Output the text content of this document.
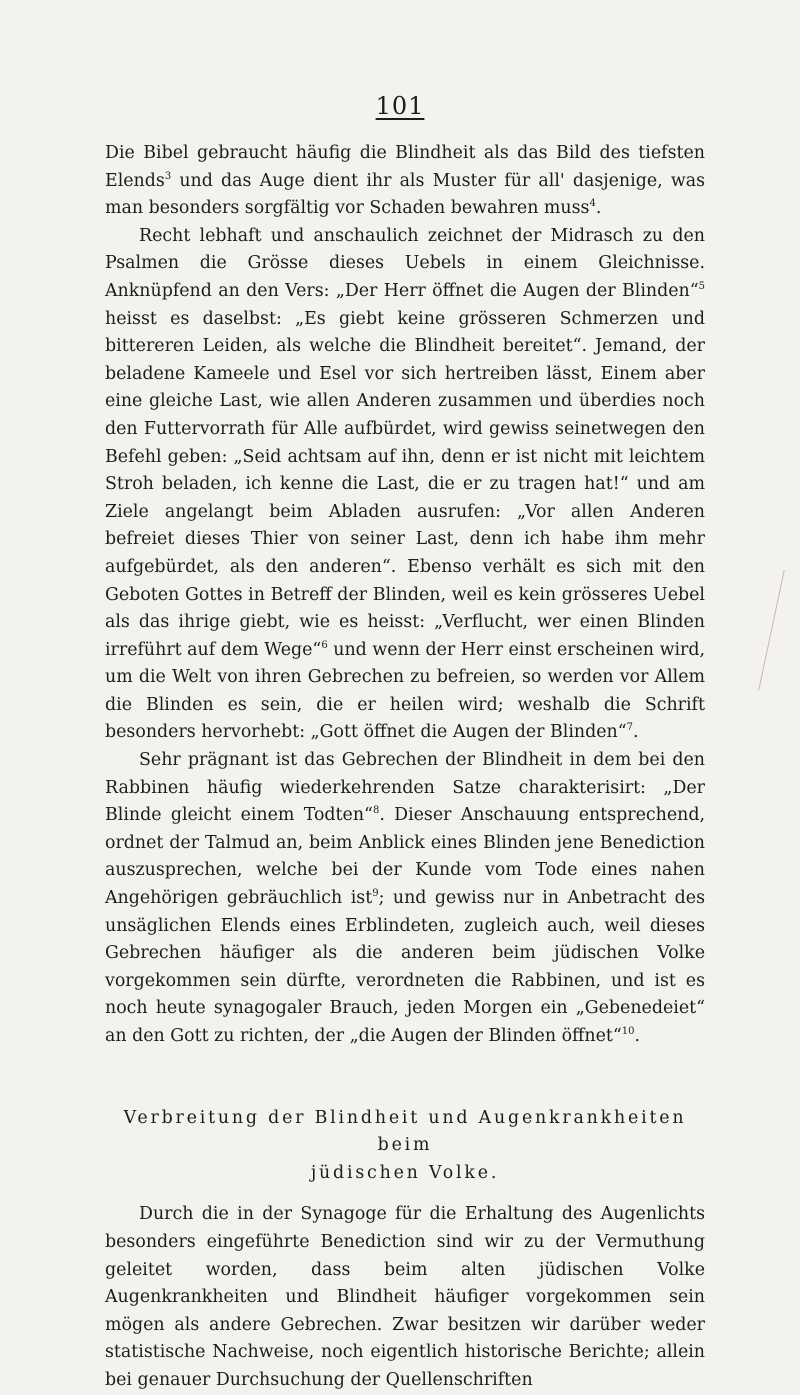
101

Die Bibel gebraucht häufig die Blindheit als das Bild des tiefsten Elends$^3$ und das Auge dient ihr als Muster für all' dasjenige, was man besonders sorgfältig vor Schaden bewahren muss$^4$.

Recht lebhaft und anschaulich zeichnet der Midrasch zu den Psalmen die Grösse dieses Uebels in einem Gleichnisse. Anknüpfend an den Vers: „Der Herr öffnet die Augen der Blinden“$^5$ heisst es daselbst: „Es giebt keine grösseren Schmerzen und bittereren Leiden, als welche die Blindheit bereitet“. Jemand, der beladene Kameele und Esel vor sich hertreiben lässt, Einem aber eine gleiche Last, wie allen Anderen zusammen und überdies noch den Futtervorrath für Alle aufbürdet, wird gewiss seinetwegen den Befehl geben: „Seid achtsam auf ihn, denn er ist nicht mit leichtem Stroh beladen, ich kenne die Last, die er zu tragen hat!“ und am Ziele angelangt beim Abladen ausrufen: „Vor allen Anderen befreiet dieses Thier von seiner Last, denn ich habe ihm mehr aufgebürdet, als den anderen“. Ebenso verhält es sich mit den Geboten Gottes in Betreff der Blinden, weil es kein grösseres Uebel als das ihrige giebt, wie es heisst: „Verflucht, wer einen Blinden irreführt auf dem Wege“$^6$ und wenn der Herr einst erscheinen wird, um die Welt von ihren Gebrechen zu befreien, so werden vor Allem die Blinden es sein, die er heilen wird; weshalb die Schrift besonders hervorhebt: „Gott öffnet die Augen der Blinden“$^7$.

Sehr prägnant ist das Gebrechen der Blindheit in dem bei den Rabbinen häufig wiederkehrenden Satze charakterisirt: „Der Blinde gleicht einem Todten“$^8$. Dieser Anschauung entsprechend, ordnet der Talmud an, beim Anblick eines Blinden jene Benediction auszusprechen, welche bei der Kunde vom Tode eines nahen Angehörigen gebräuchlich ist$^9$; und gewiss nur in Anbetracht des unsäglichen Elends eines Erblindeten, zugleich auch, weil dieses Gebrechen häufiger als die anderen beim jüdischen Volke vorgekommen sein dürfte, verordneten die Rabbinen, und ist es noch heute synagogaler Brauch, jeden Morgen ein „Gebenedeiet“ an den Gott zu richten, der „die Augen der Blinden öffnet“$^{10}$.

Verbreitung der Blindheit und Augenkrankheiten beim
jüdischen Volke.

Durch die in der Synagoge für die Erhaltung des Augenlichts besonders eingeführte Benediction sind wir zu der Vermuthung geleitet worden, dass beim alten jüdischen Volke Augenkrankheiten und Blindheit häufiger vorgekommen sein mögen als andere Gebrechen. Zwar besitzen wir darüber weder statistische Nachweise, noch eigentlich historische Berichte; allein bei genauer Durchsuchung der Quellenschriften
